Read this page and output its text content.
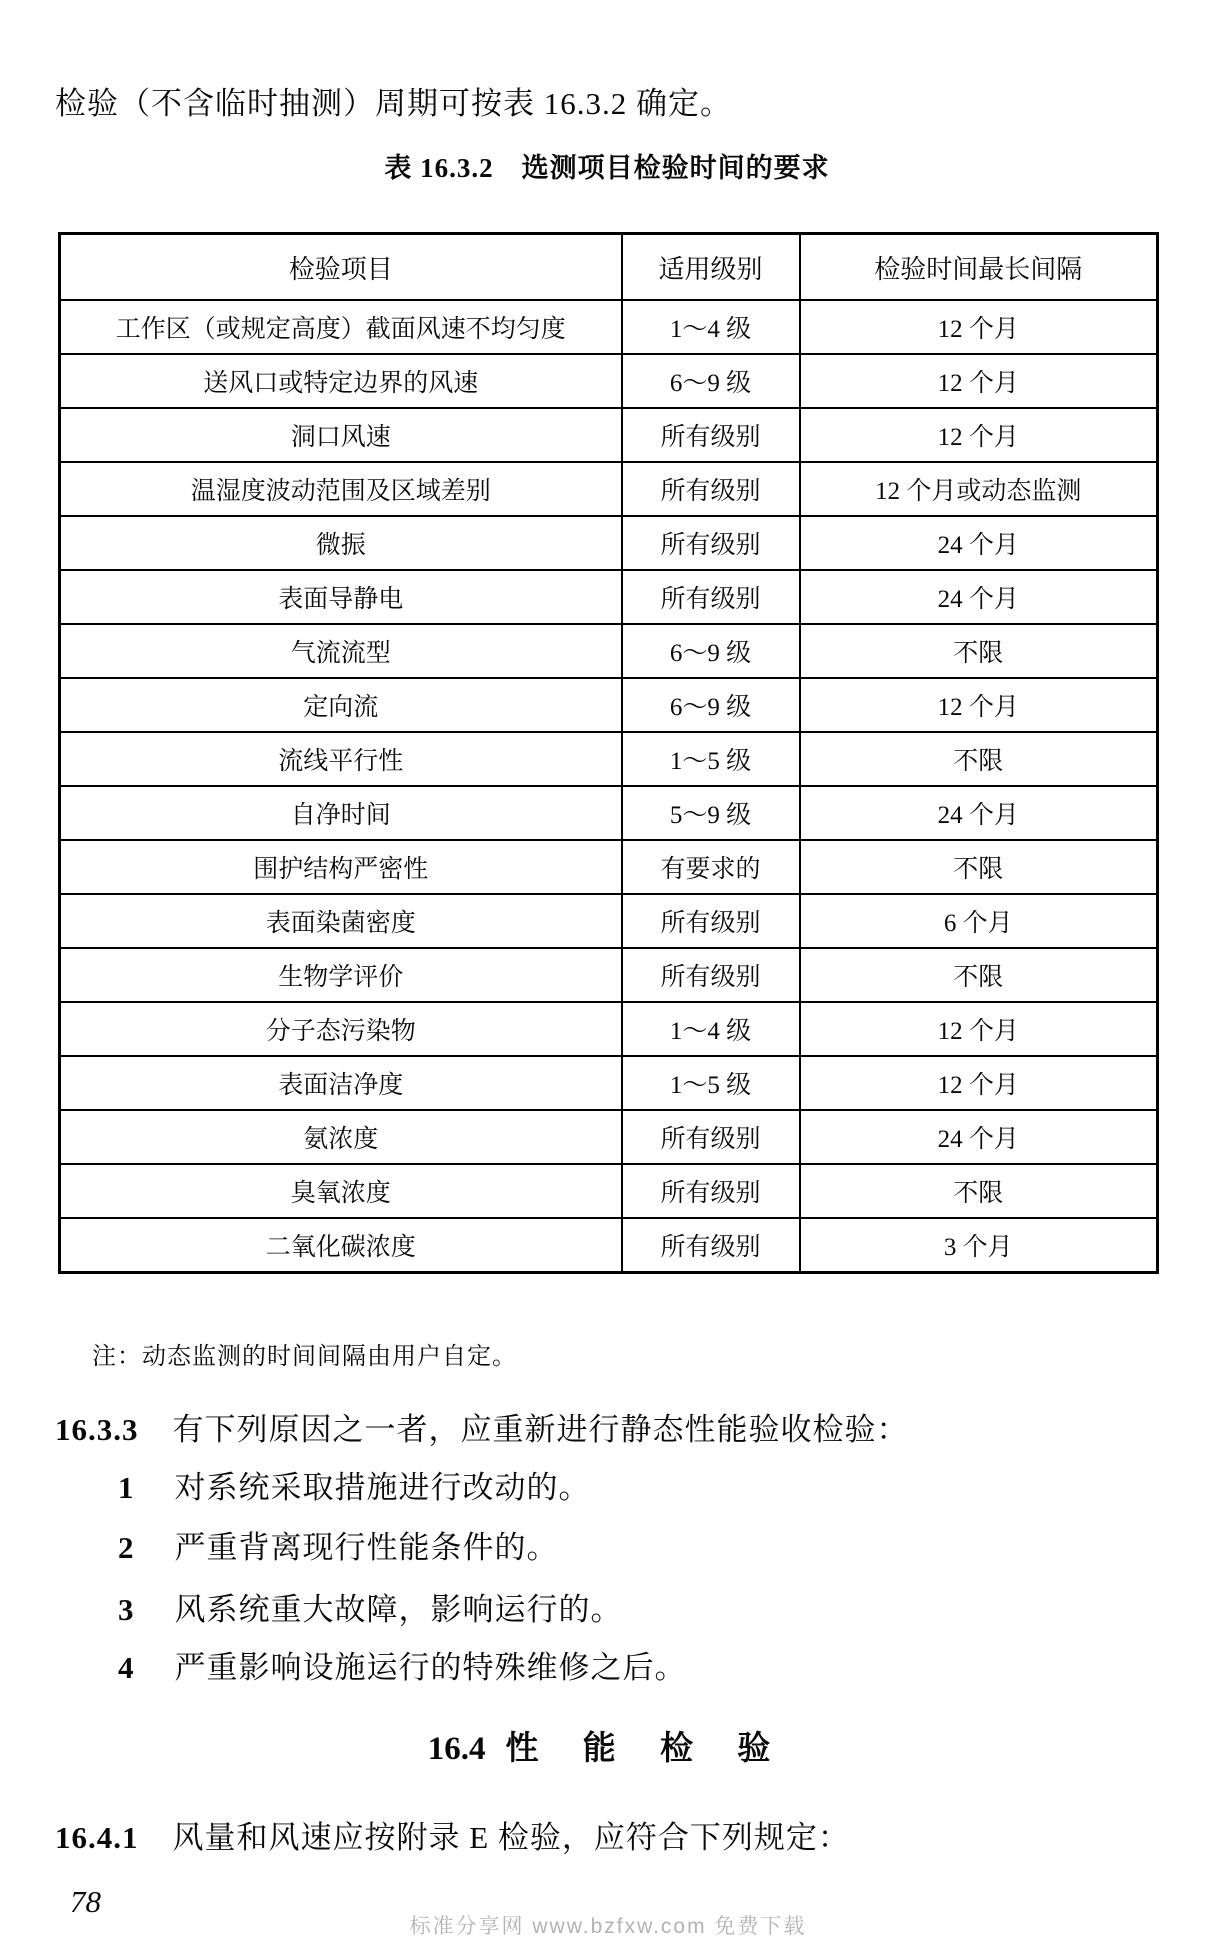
检验（不含临时抽测）周期可按表 16.3.2 确定。
表 16.3.2　选测项目检验时间的要求
检验项目	适用级别	检验时间最长间隔
工作区（或规定高度）截面风速不均匀度	1～4 级	12 个月
送风口或特定边界的风速	6～9 级	12 个月
洞口风速	所有级别	12 个月
温湿度波动范围及区域差别	所有级别	12 个月或动态监测
微振	所有级别	24 个月
表面导静电	所有级别	24 个月
气流流型	6～9 级	不限
定向流	6～9 级	12 个月
流线平行性	1～5 级	不限
自净时间	5～9 级	24 个月
围护结构严密性	有要求的	不限
表面染菌密度	所有级别	6 个月
生物学评价	所有级别	不限
分子态污染物	1～4 级	12 个月
表面洁净度	1～5 级	12 个月
氨浓度	所有级别	24 个月
臭氧浓度	所有级别	不限
二氧化碳浓度	所有级别	3 个月
注：动态监测的时间间隔由用户自定。
16.3.3 有下列原因之一者，应重新进行静态性能验收检验：
1 对系统采取措施进行改动的。
2 严重背离现行性能条件的。
3 风系统重大故障，影响运行的。
4 严重影响设施运行的特殊维修之后。
16.4 性 能 检 验
16.4.1 风量和风速应按附录 E 检验，应符合下列规定：
78
标准分享网 www.bzfxw.com 免费下载
